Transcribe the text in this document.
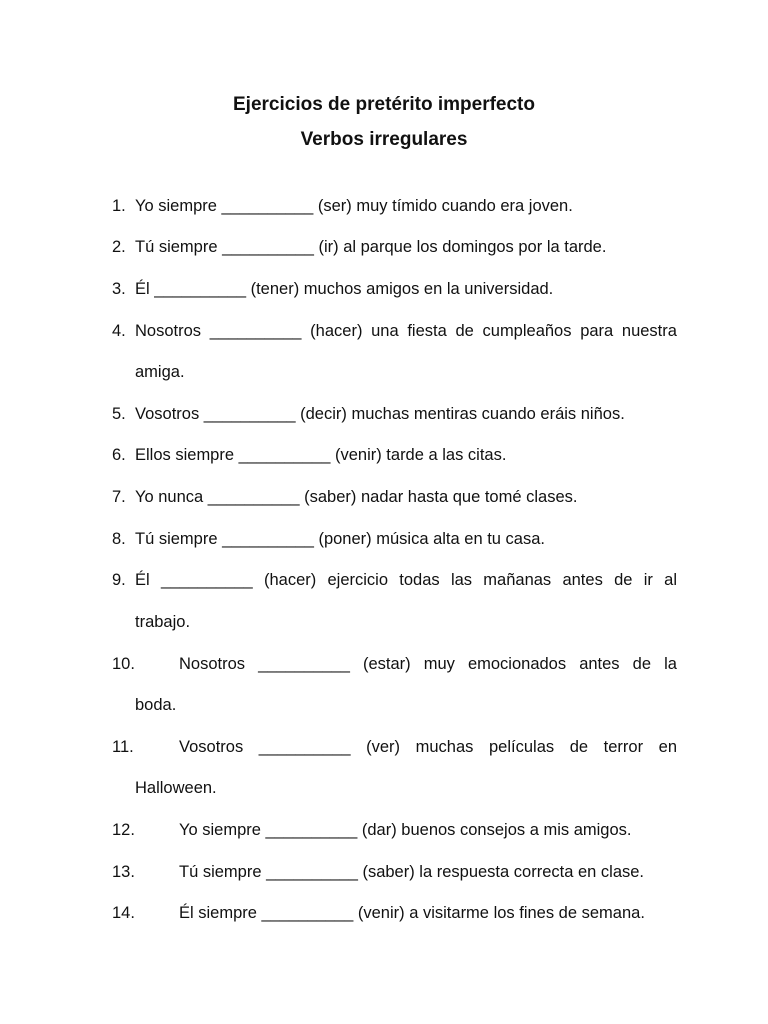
Ejercicios de pretérito imperfecto
Verbos irregulares
1. Yo siempre __________ (ser) muy tímido cuando era joven.
2. Tú siempre __________ (ir) al parque los domingos por la tarde.
3. Él __________ (tener) muchos amigos en la universidad.
4. Nosotros __________ (hacer) una fiesta de cumpleaños para nuestra
amiga.
5. Vosotros __________ (decir) muchas mentiras cuando eráis niños.
6. Ellos siempre __________ (venir) tarde a las citas.
7. Yo nunca __________ (saber) nadar hasta que tomé clases.
8. Tú siempre __________ (poner) música alta en tu casa.
9. Él __________ (hacer) ejercicio todas las mañanas antes de ir al
trabajo.
10.	Nosotros __________ (estar) muy emocionados antes de la
boda.
11.	Vosotros __________ (ver) muchas películas de terror en
Halloween.
12.	Yo siempre __________ (dar) buenos consejos a mis amigos.
13.	Tú siempre __________ (saber) la respuesta correcta en clase.
14.	Él siempre __________ (venir) a visitarme los fines de semana.
